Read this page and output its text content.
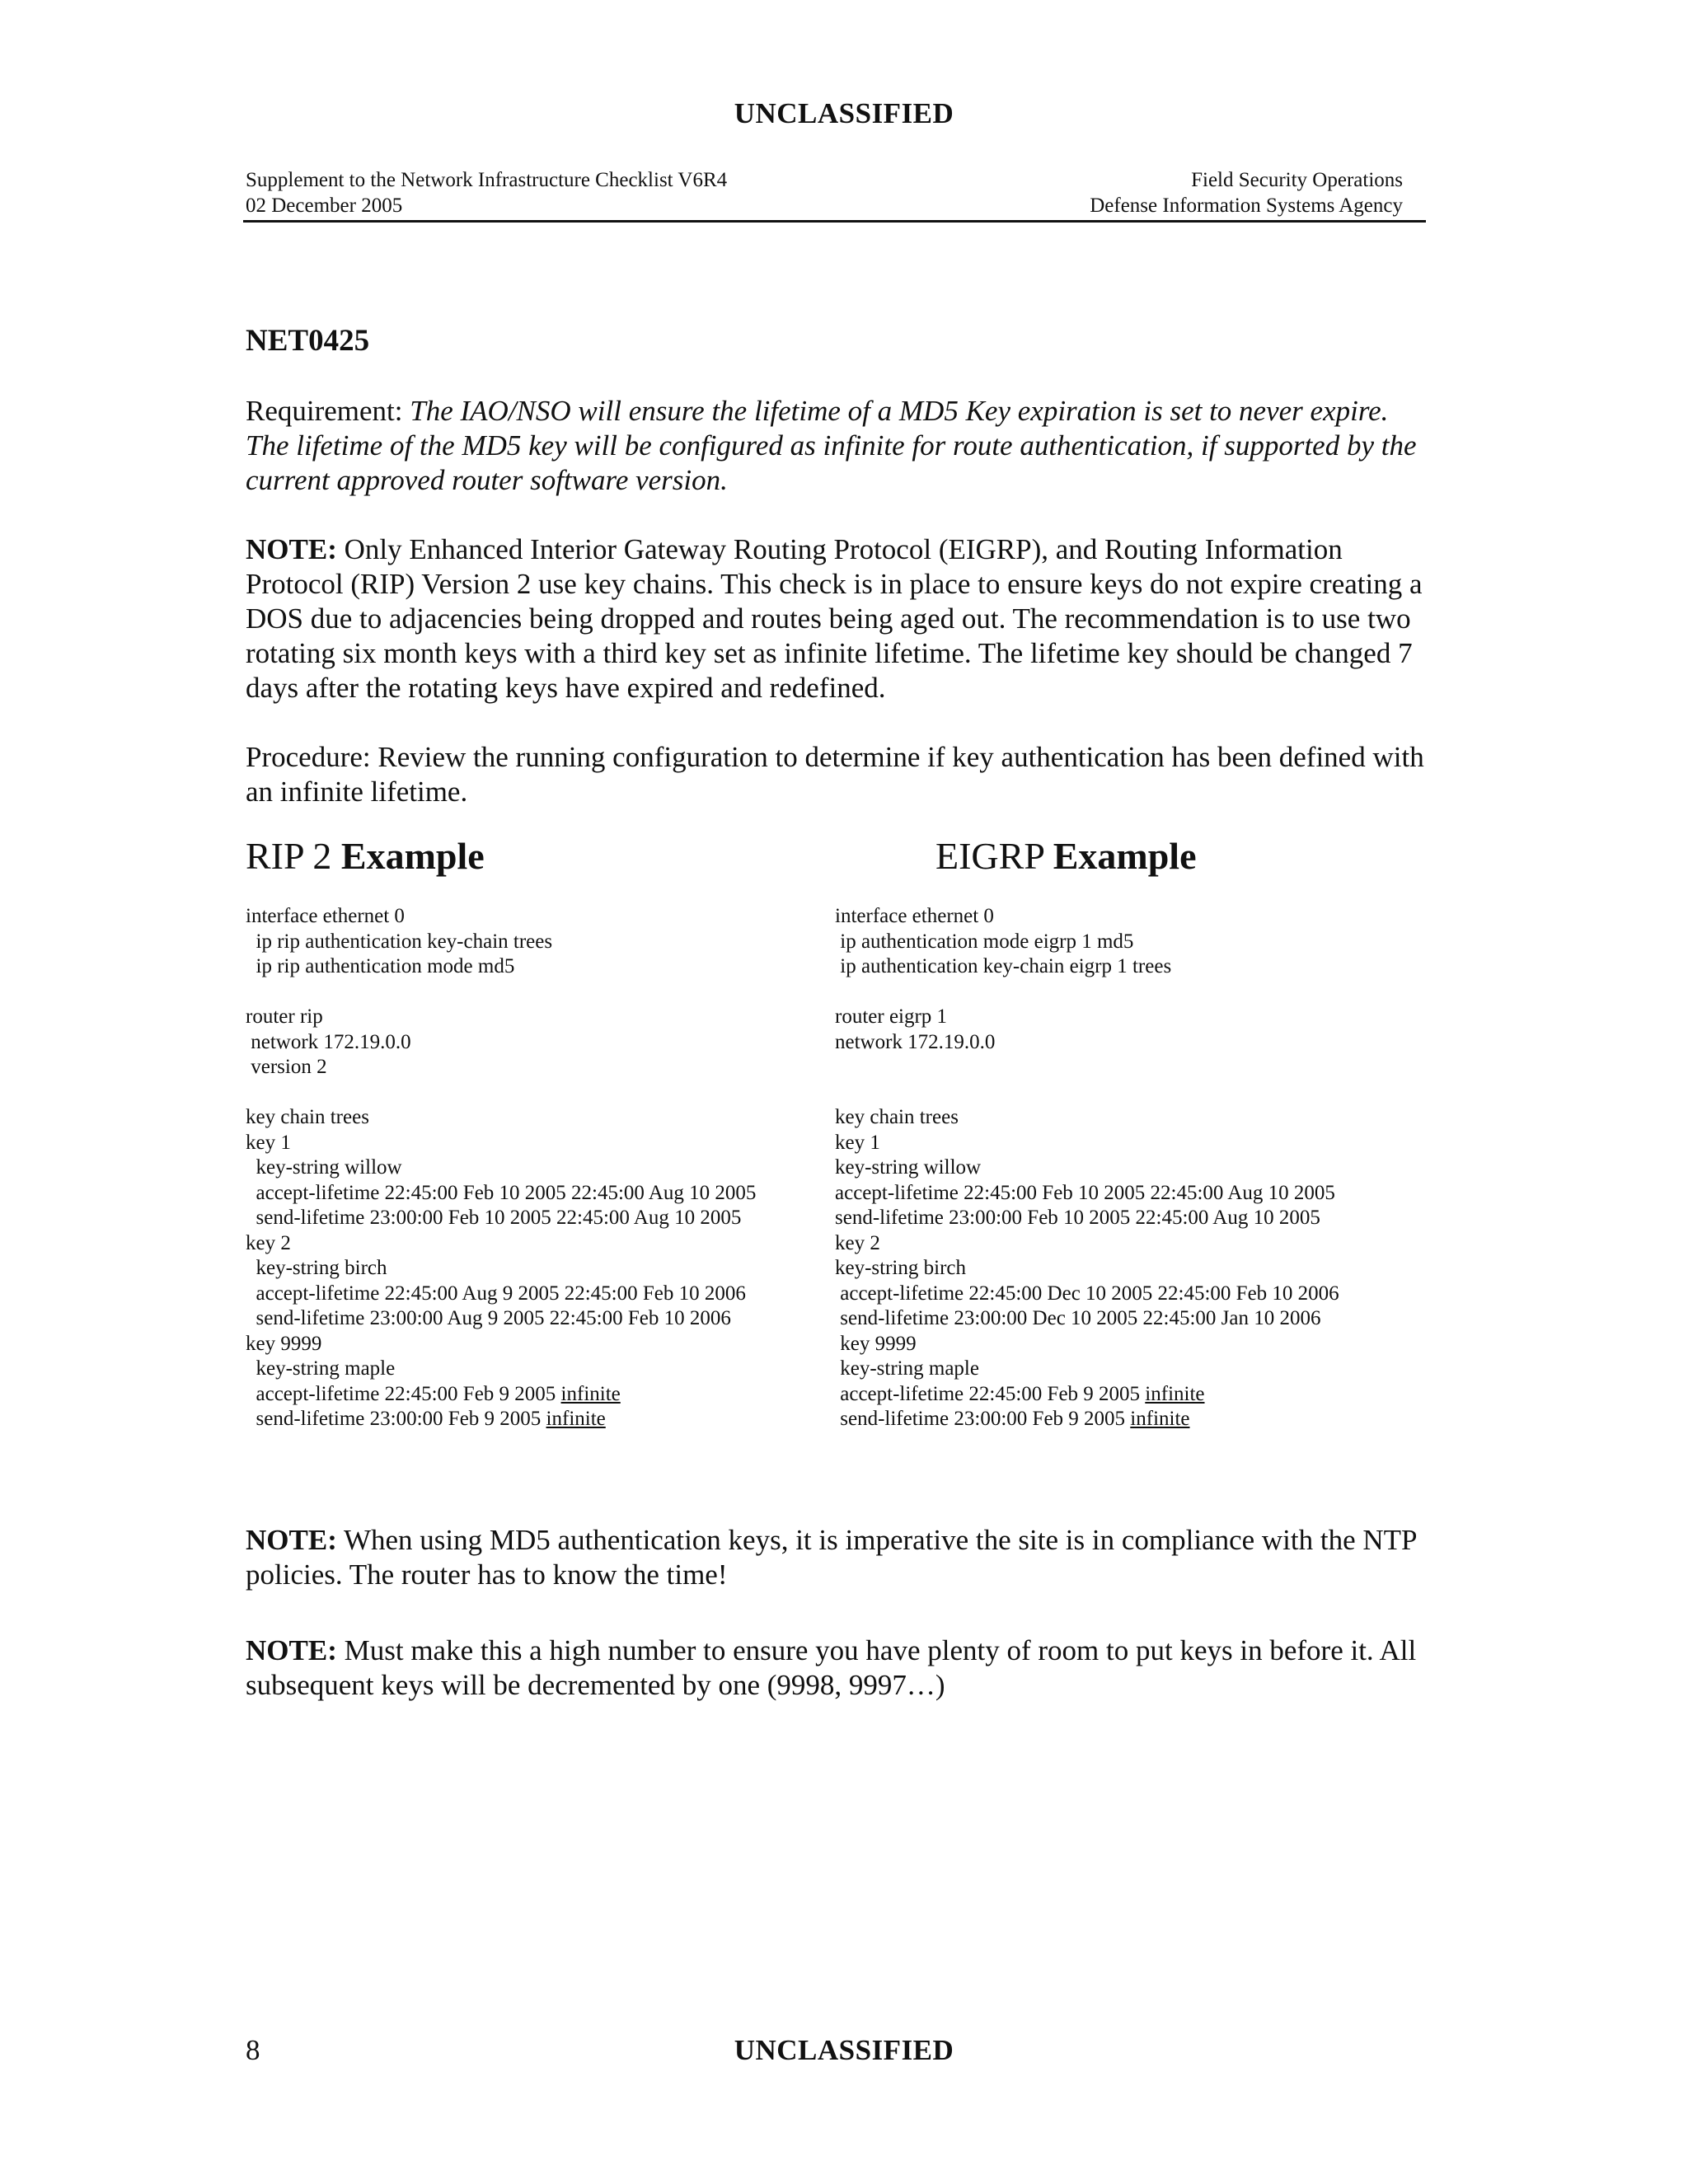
UNCLASSIFIED
Supplement to the Network Infrastructure Checklist V6R4
02 December 2005
Field Security Operations
Defense Information Systems Agency
NET0425

Requirement: The IAO/NSO will ensure the lifetime of a MD5 Key expiration is set to never expire. The lifetime of the MD5 key will be configured as infinite for route authentication, if supported by the current approved router software version.

NOTE: Only Enhanced Interior Gateway Routing Protocol (EIGRP), and Routing Information Protocol (RIP) Version 2 use key chains. This check is in place to ensure keys do not expire creating a DOS due to adjacencies being dropped and routes being aged out. The recommendation is to use two rotating six month keys with a third key set as infinite lifetime. The lifetime key should be changed 7 days after the rotating keys have expired and redefined.

Procedure: Review the running configuration to determine if key authentication has been defined with an infinite lifetime.

RIP 2 Example	EIGRP Example
interface ethernet 0
ip rip authentication key-chain trees
ip rip authentication mode md5
router rip
network 172.19.0.0
version 2
key chain trees
key 1
key-string willow
accept-lifetime 22:45:00 Feb 10 2005 22:45:00 Aug 10 2005
send-lifetime 23:00:00 Feb 10 2005 22:45:00 Aug 10 2005
key 2
key-string birch
accept-lifetime 22:45:00 Aug 9 2005 22:45:00 Feb 10 2006
send-lifetime 23:00:00 Aug 9 2005 22:45:00 Feb 10 2006
key 9999
key-string maple
accept-lifetime 22:45:00 Feb 9 2005 infinite
send-lifetime 23:00:00 Feb 9 2005 infinite
interface ethernet 0
ip authentication mode eigrp 1 md5
ip authentication key-chain eigrp 1 trees
router eigrp 1
network 172.19.0.0
key chain trees
key 1
key-string willow
accept-lifetime 22:45:00 Feb 10 2005 22:45:00 Aug 10 2005
send-lifetime 23:00:00 Feb 10 2005 22:45:00 Aug 10 2005
key 2
key-string birch
accept-lifetime 22:45:00 Dec 10 2005 22:45:00 Feb 10 2006
send-lifetime 23:00:00 Dec 10 2005 22:45:00 Jan 10 2006
key 9999
key-string maple
accept-lifetime 22:45:00 Feb 9 2005 infinite
send-lifetime 23:00:00 Feb 9 2005 infinite

NOTE: When using MD5 authentication keys, it is imperative the site is in compliance with the NTP policies. The router has to know the time!

NOTE: Must make this a high number to ensure you have plenty of room to put keys in before it. All subsequent keys will be decremented by one (9998, 9997…)

8	UNCLASSIFIED
